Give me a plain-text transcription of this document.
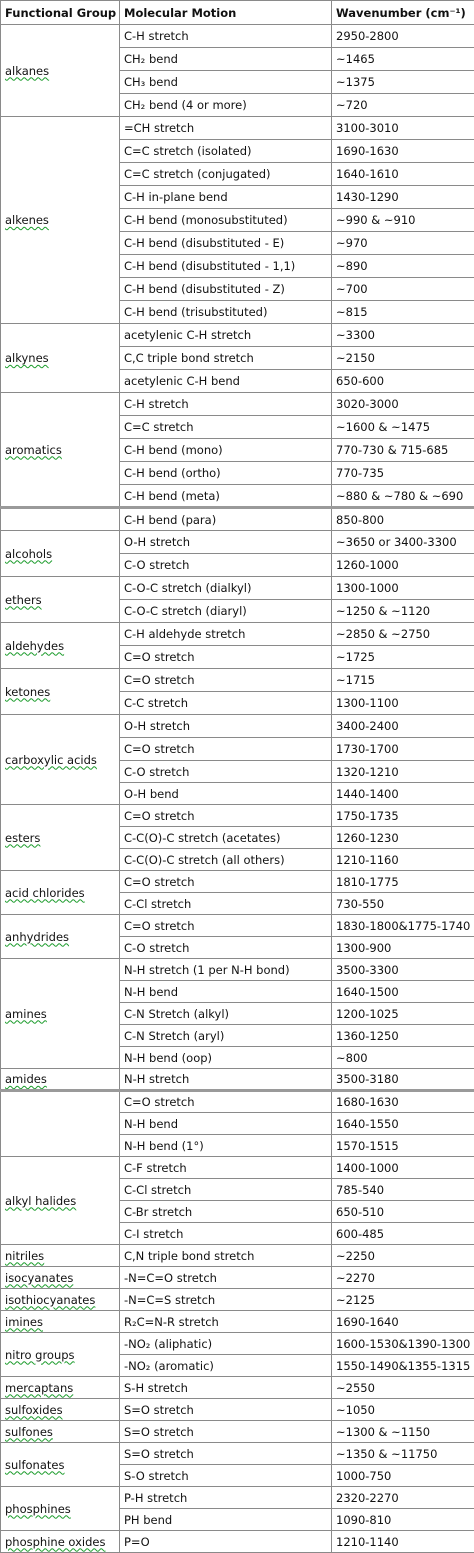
Functional Group	Molecular Motion	Wavenumber (cm⁻¹)
alkanes	C-H stretch	2950-2800
	CH₂ bend	~1465
	CH₃ bend	~1375
	CH₂ bend (4 or more)	~720
alkenes	=CH stretch	3100-3010
	C=C stretch (isolated)	1690-1630
	C=C stretch (conjugated)	1640-1610
	C-H in-plane bend	1430-1290
	C-H bend (monosubstituted)	~990 & ~910
	C-H bend (disubstituted - E)	~970
	C-H bend (disubstituted - 1,1)	~890
	C-H bend (disubstituted - Z)	~700
	C-H bend (trisubstituted)	~815
alkynes	acetylenic C-H stretch	~3300
	C,C triple bond stretch	~2150
	acetylenic C-H bend	650-600
aromatics	C-H stretch	3020-3000
	C=C stretch	~1600 & ~1475
	C-H bend (mono)	770-730 & 715-685
	C-H bend (ortho)	770-735
	C-H bend (meta)	~880 & ~780 & ~690
	C-H bend (para)	850-800
alcohols	O-H stretch	~3650 or 3400-3300
	C-O stretch	1260-1000
ethers	C-O-C stretch (dialkyl)	1300-1000
	C-O-C stretch (diaryl)	~1250 & ~1120
aldehydes	C-H aldehyde stretch	~2850 & ~2750
	C=O stretch	~1725
ketones	C=O stretch	~1715
	C-C stretch	1300-1100
carboxylic acids	O-H stretch	3400-2400
	C=O stretch	1730-1700
	C-O stretch	1320-1210
	O-H bend	1440-1400
esters	C=O stretch	1750-1735
	C-C(O)-C stretch (acetates)	1260-1230
	C-C(O)-C stretch (all others)	1210-1160
acid chlorides	C=O stretch	1810-1775
	C-Cl stretch	730-550
anhydrides	C=O stretch	1830-1800&1775-1740
	C-O stretch	1300-900
amines	N-H stretch (1 per N-H bond)	3500-3300
	N-H bend	1640-1500
	C-N Stretch (alkyl)	1200-1025
	C-N Stretch (aryl)	1360-1250
	N-H bend (oop)	~800
amides	N-H stretch	3500-3180
	C=O stretch	1680-1630
	N-H bend	1640-1550
	N-H bend (1°)	1570-1515
alkyl halides	C-F stretch	1400-1000
	C-Cl stretch	785-540
	C-Br stretch	650-510
	C-I stretch	600-485
nitriles	C,N triple bond stretch	~2250
isocyanates	-N=C=O stretch	~2270
isothiocyanates	-N=C=S stretch	~2125
imines	R₂C=N-R stretch	1690-1640
nitro groups	-NO₂ (aliphatic)	1600-1530&1390-1300
	-NO₂ (aromatic)	1550-1490&1355-1315
mercaptans	S-H stretch	~2550
sulfoxides	S=O stretch	~1050
sulfones	S=O stretch	~1300 & ~1150
sulfonates	S=O stretch	~1350 & ~11750
	S-O stretch	1000-750
phosphines	P-H stretch	2320-2270
	PH bend	1090-810
phosphine oxides	P=O	1210-1140
